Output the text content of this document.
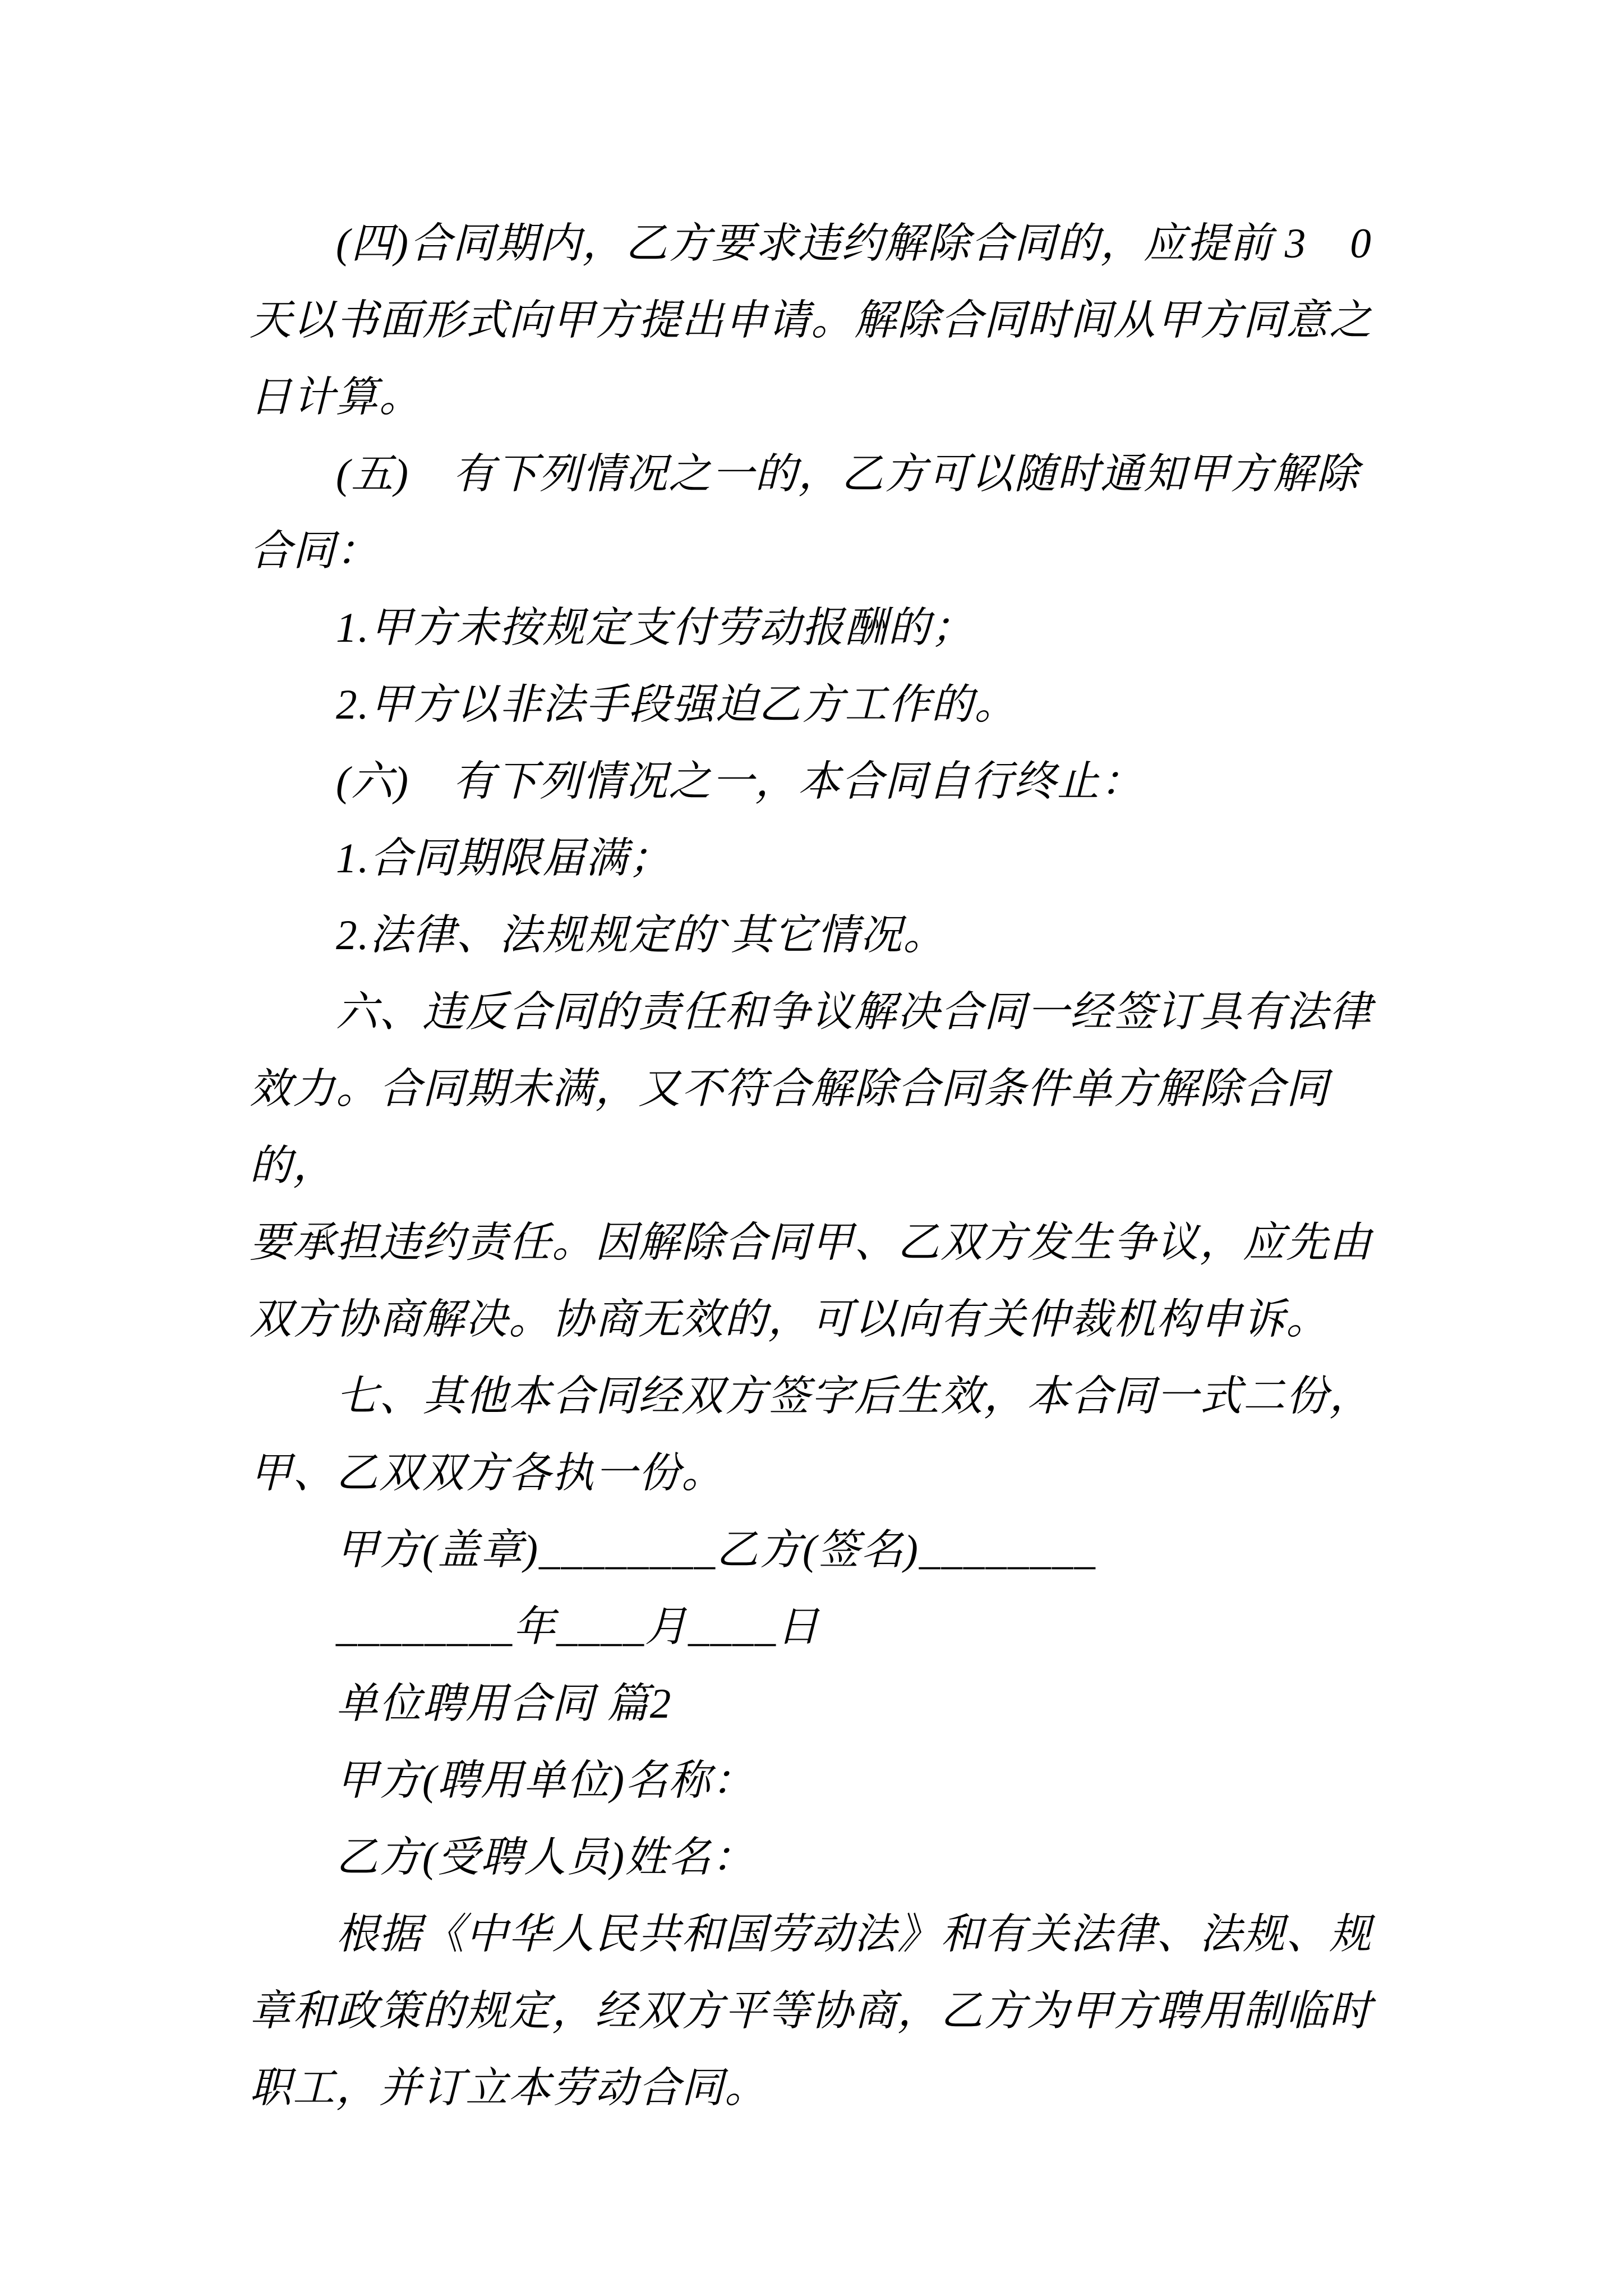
(四)合同期内，乙方要求违约解除合同的，应提前 3　0

天以书面形式向甲方提出申请。解除合同时间从甲方同意之

日计算。

(五)　有下列情况之一的，乙方可以随时通知甲方解除

合同：

1.甲方未按规定支付劳动报酬的；

2.甲方以非法手段强迫乙方工作的。

(六)　有下列情况之一，本合同自行终止：

1.合同期限届满；

2.法律、法规规定的`其它情况。

六、违反合同的责任和争议解决合同一经签订具有法律

效力。合同期未满，又不符合解除合同条件单方解除合同的，

要承担违约责任。因解除合同甲、乙双方发生争议，应先由

双方协商解决。协商无效的，可以向有关仲裁机构申诉。

七、其他本合同经双方签字后生效，本合同一式二份，

甲、乙双双方各执一份。

甲方(盖章)________乙方(签名)________

________年____月____日

单位聘用合同 篇2

甲方(聘用单位)名称：

乙方(受聘人员)姓名：

根据《中华人民共和国劳动法》和有关法律、法规、规

章和政策的规定，经双方平等协商，乙方为甲方聘用制临时

职工，并订立本劳动合同。
